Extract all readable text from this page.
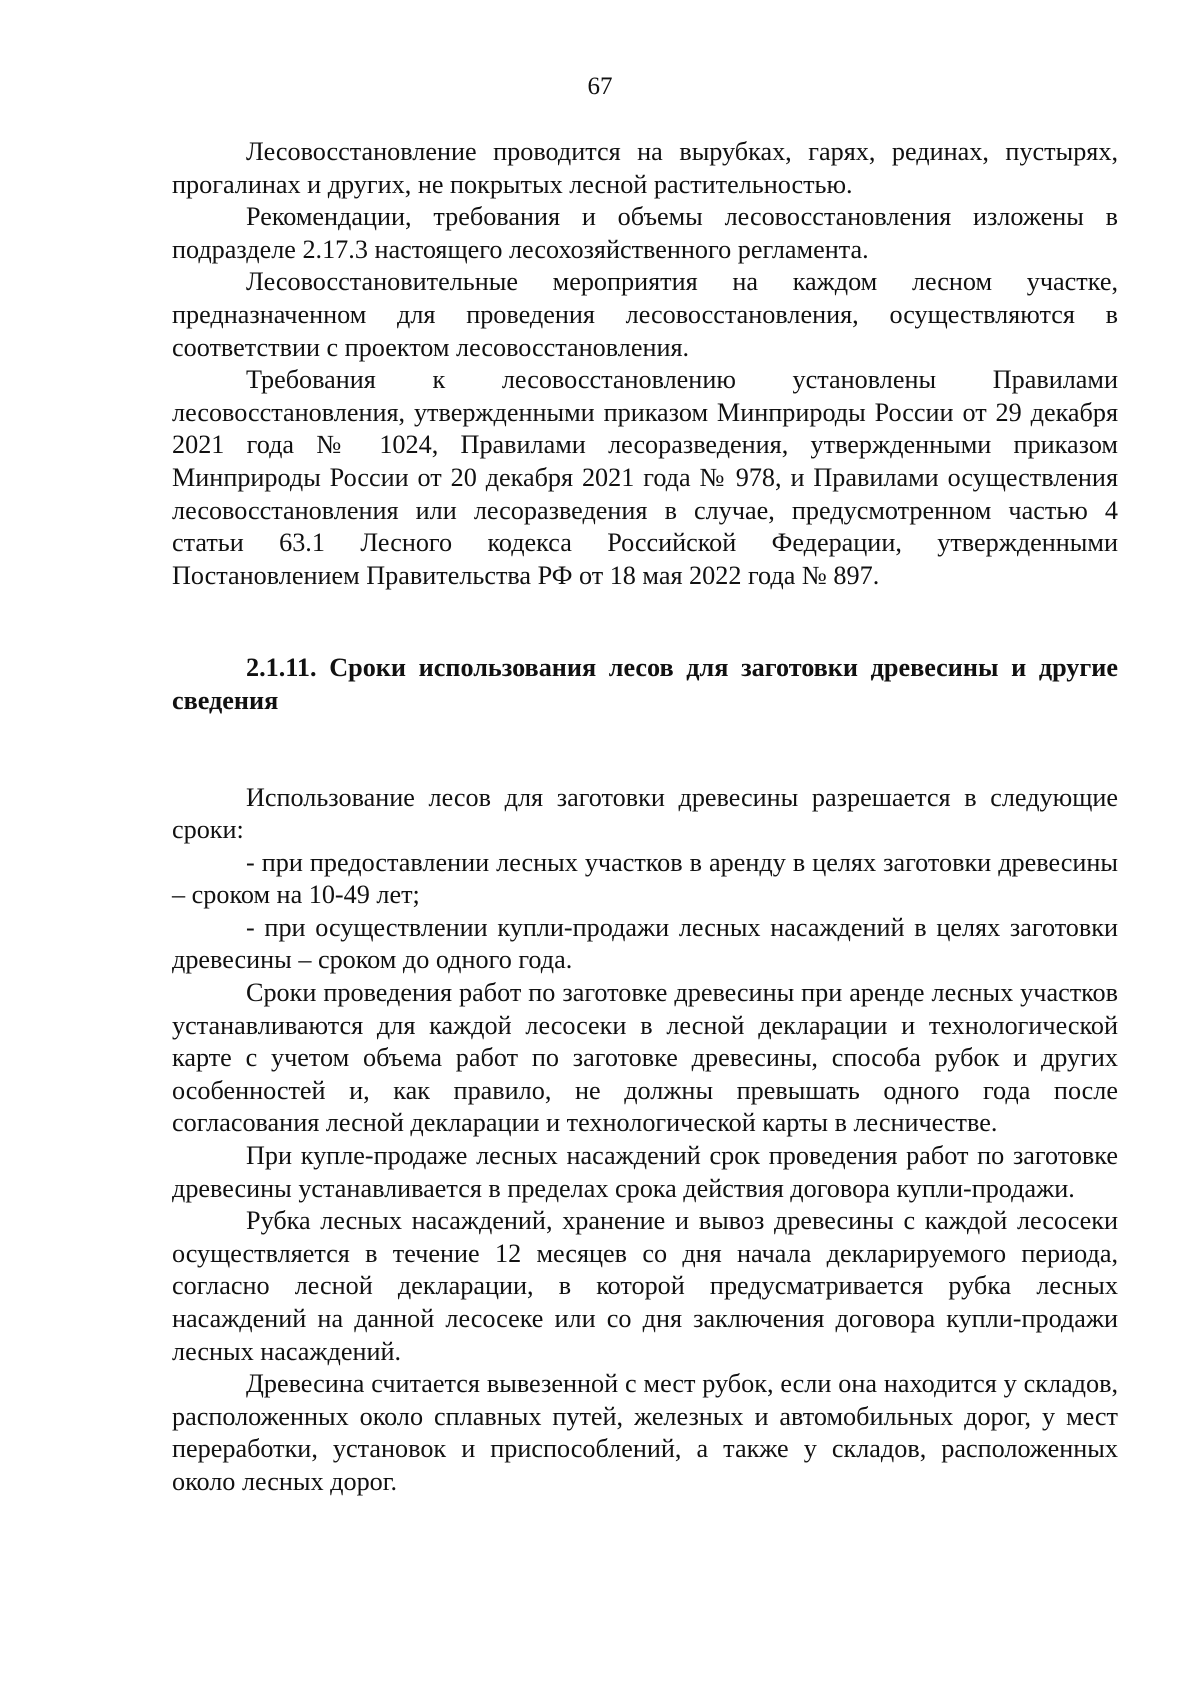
67

Лесовосстановление проводится на вырубках, гарях, рединах, пустырях, прогалинах и других, не покрытых лесной растительностью.

Рекомендации, требования и объемы лесовосстановления изложены в подразделе 2.17.3 настоящего лесохозяйственного регламента.

Лесовосстановительные мероприятия на каждом лесном участке, предназначенном для проведения лесовосстановления, осуществляются в соответствии с проектом лесовосстановления.

Требования к лесовосстановлению установлены Правилами лесовосстановления, утвержденными приказом Минприроды России от 29 декабря 2021 года № 1024, Правилами лесоразведения, утвержденными приказом Минприроды России от 20 декабря 2021 года № 978, и Правилами осуществления лесовосстановления или лесоразведения в случае, предусмотренном частью 4 статьи 63.1 Лесного кодекса Российской Федерации, утвержденными Постановлением Правительства РФ от 18 мая 2022 года № 897.

2.1.11. Сроки использования лесов для заготовки древесины и другие сведения

Использование лесов для заготовки древесины разрешается в следующие сроки:

- при предоставлении лесных участков в аренду в целях заготовки древесины – сроком на 10-49 лет;

- при осуществлении купли-продажи лесных насаждений в целях заготовки древесины – сроком до одного года.

Сроки проведения работ по заготовке древесины при аренде лесных участков устанавливаются для каждой лесосеки в лесной декларации и технологической карте с учетом объема работ по заготовке древесины, способа рубок и других особенностей и, как правило, не должны превышать одного года после согласования лесной декларации и технологической карты в лесничестве.

При купле-продаже лесных насаждений срок проведения работ по заготовке древесины устанавливается в пределах срока действия договора купли-продажи.

Рубка лесных насаждений, хранение и вывоз древесины с каждой лесосеки осуществляется в течение 12 месяцев со дня начала декларируемого периода, согласно лесной декларации, в которой предусматривается рубка лесных насаждений на данной лесосеке или со дня заключения договора купли-продажи лесных насаждений.

Древесина считается вывезенной с мест рубок, если она находится у складов, расположенных около сплавных путей, железных и автомобильных дорог, у мест переработки, установок и приспособлений, а также у складов, расположенных около лесных дорог.
